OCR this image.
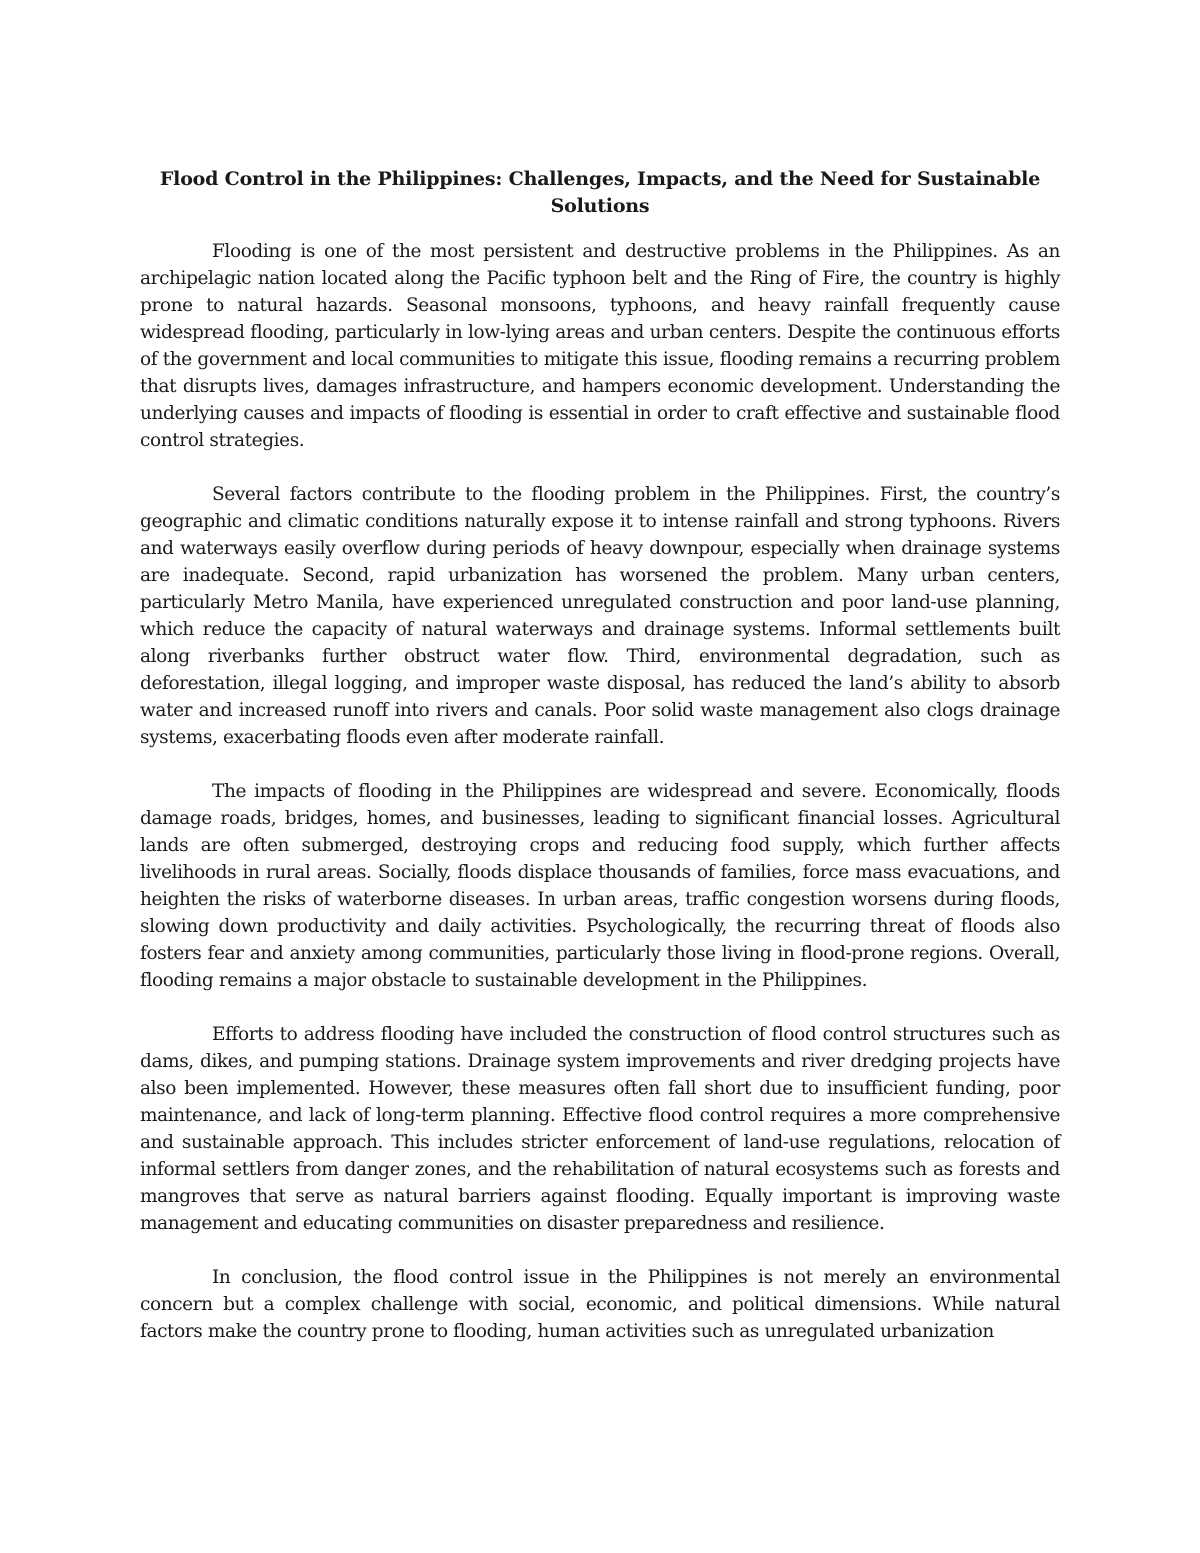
Flood Control in the Philippines: Challenges, Impacts, and the Need for Sustainable Solutions

Flooding is one of the most persistent and destructive problems in the Philippines. As an archipelagic nation located along the Pacific typhoon belt and the Ring of Fire, the country is highly prone to natural hazards. Seasonal monsoons, typhoons, and heavy rainfall frequently cause widespread flooding, particularly in low-lying areas and urban centers. Despite the continuous efforts of the government and local communities to mitigate this issue, flooding remains a recurring problem that disrupts lives, damages infrastructure, and hampers economic development. Understanding the underlying causes and impacts of flooding is essential in order to craft effective and sustainable flood control strategies.

Several factors contribute to the flooding problem in the Philippines. First, the country’s geographic and climatic conditions naturally expose it to intense rainfall and strong typhoons. Rivers and waterways easily overflow during periods of heavy downpour, especially when drainage systems are inadequate. Second, rapid urbanization has worsened the problem. Many urban centers, particularly Metro Manila, have experienced unregulated construction and poor land-use planning, which reduce the capacity of natural waterways and drainage systems. Informal settlements built along riverbanks further obstruct water flow. Third, environmental degradation, such as deforestation, illegal logging, and improper waste disposal, has reduced the land’s ability to absorb water and increased runoff into rivers and canals. Poor solid waste management also clogs drainage systems, exacerbating floods even after moderate rainfall.

The impacts of flooding in the Philippines are widespread and severe. Economically, floods damage roads, bridges, homes, and businesses, leading to significant financial losses. Agricultural lands are often submerged, destroying crops and reducing food supply, which further affects livelihoods in rural areas. Socially, floods displace thousands of families, force mass evacuations, and heighten the risks of waterborne diseases. In urban areas, traffic congestion worsens during floods, slowing down productivity and daily activities. Psychologically, the recurring threat of floods also fosters fear and anxiety among communities, particularly those living in flood-prone regions. Overall, flooding remains a major obstacle to sustainable development in the Philippines.

Efforts to address flooding have included the construction of flood control structures such as dams, dikes, and pumping stations. Drainage system improvements and river dredging projects have also been implemented. However, these measures often fall short due to insufficient funding, poor maintenance, and lack of long-term planning. Effective flood control requires a more comprehensive and sustainable approach. This includes stricter enforcement of land-use regulations, relocation of informal settlers from danger zones, and the rehabilitation of natural ecosystems such as forests and mangroves that serve as natural barriers against flooding. Equally important is improving waste management and educating communities on disaster preparedness and resilience.

In conclusion, the flood control issue in the Philippines is not merely an environmental concern but a complex challenge with social, economic, and political dimensions. While natural factors make the country prone to flooding, human activities such as unregulated urbanization
